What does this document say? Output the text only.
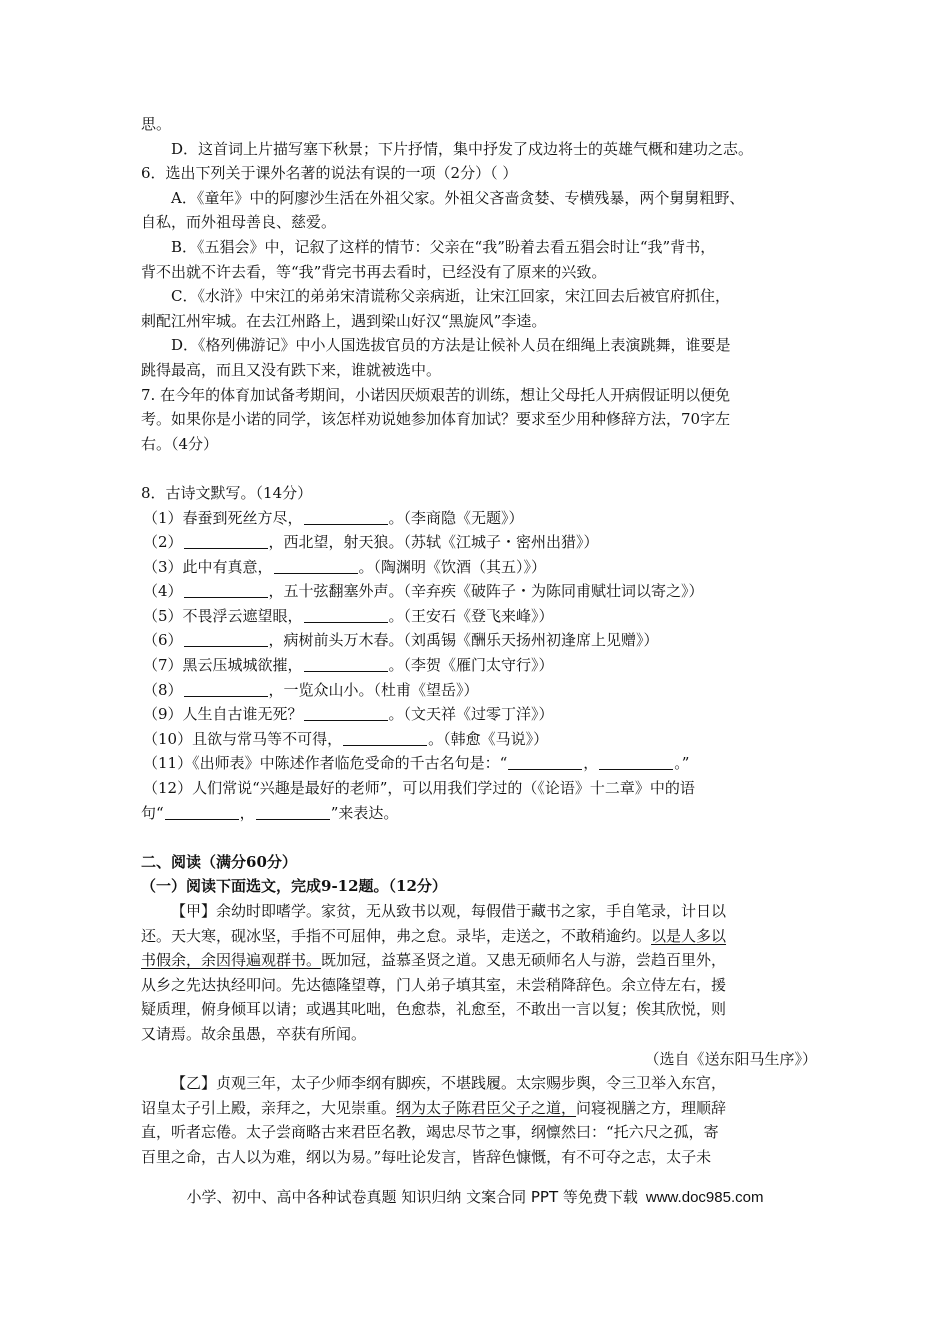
思。

D．这首词上片描写塞下秋景；下片抒情，集中抒发了戍边将士的英雄气概和建功之志。

6．选出下列关于课外名著的说法有误的一项（2分）（ ）

A．《童年》中的阿廖沙生活在外祖父家。外祖父吝啬贪婪、专横残暴，两个舅舅粗野、

自私，而外祖母善良、慈爱。

B．《五猖会》中，记叙了这样的情节：父亲在“我”盼着去看五猖会时让“我”背书，

背不出就不许去看，等“我”背完书再去看时，已经没有了原来的兴致。

C．《水浒》中宋江的弟弟宋清谎称父亲病逝，让宋江回家，宋江回去后被官府抓住，

刺配江州牢城。在去江州路上，遇到梁山好汉“黑旋风”李逵。

D．《格列佛游记》中小人国选拔官员的方法是让候补人员在细绳上表演跳舞，谁要是

跳得最高，而且又没有跌下来，谁就被选中。

7. 在今年的体育加试备考期间，小诺因厌烦艰苦的训练，想让父母托人开病假证明以便免

考。如果你是小诺的同学，该怎样劝说她参加体育加试？要求至少用种修辞方法，70字左

右。（4分）

8．古诗文默写。（14分）

（1）春蚕到死丝方尽，	。（李商隐《无题》）

（2）	，西北望，射天狼。（苏轼《江城子・密州出猎》）

（3）此中有真意，	。（陶渊明《饮酒（其五）》）

（4）	，五十弦翻塞外声。（辛弃疾《破阵子・为陈同甫赋壮词以寄之》）

（5）不畏浮云遮望眼，	。（王安石《登飞来峰》）

（6）	，病树前头万木春。（刘禹锡《酬乐天扬州初逢席上见赠》）

（7）黑云压城城欲摧，	。（李贺《雁门太守行》）

（8）	，一览众山小。（杜甫《望岳》）

（9）人生自古谁无死？	。（文天祥《过零丁洋》）

（10）且欲与常马等不可得，	。（韩愈《马说》）

（11）《出师表》中陈述作者临危受命的千古名句是：“	，	。”

（12）人们常说“兴趣是最好的老师”，可以用我们学过的（《论语》十二章》中的语

句“	，	”来表达。

二、阅读（满分60分）

（一）阅读下面选文，完成9-12题。（12分）

【甲】余幼时即嗜学。家贫，无从致书以观，每假借于藏书之家，手自笔录，计日以

还。天大寒，砚冰坚，手指不可屈伸，弗之怠。录毕，走送之，不敢稍逾约。以是人多以

书假余，余因得遍观群书。既加冠，益慕圣贤之道。又患无硕师名人与游，尝趋百里外，

从乡之先达执经叩问。先达德隆望尊，门人弟子填其室，未尝稍降辞色。余立侍左右，援

疑质理，俯身倾耳以请；或遇其叱咄，色愈恭，礼愈至，不敢出一言以复；俟其欣悦，则

又请焉。故余虽愚，卒获有所闻。

（选自《送东阳马生序》）

【乙】贞观三年，太子少师李纲有脚疾，不堪践履。太宗赐步舆，令三卫举入东宫，

诏皇太子引上殿，亲拜之，大见崇重。纲为太子陈君臣父子之道，问寝视膳之方，理顺辞

直，听者忘倦。太子尝商略古来君臣名教，竭忠尽节之事，纲懔然曰：“托六尺之孤，寄

百里之命，古人以为难，纲以为易。”每吐论发言，皆辞色慷慨，有不可夺之志，太子未

小学、初中、高中各种试卷真题 知识归纳 文案合同 PPT 等免费下载 www.doc985.com
